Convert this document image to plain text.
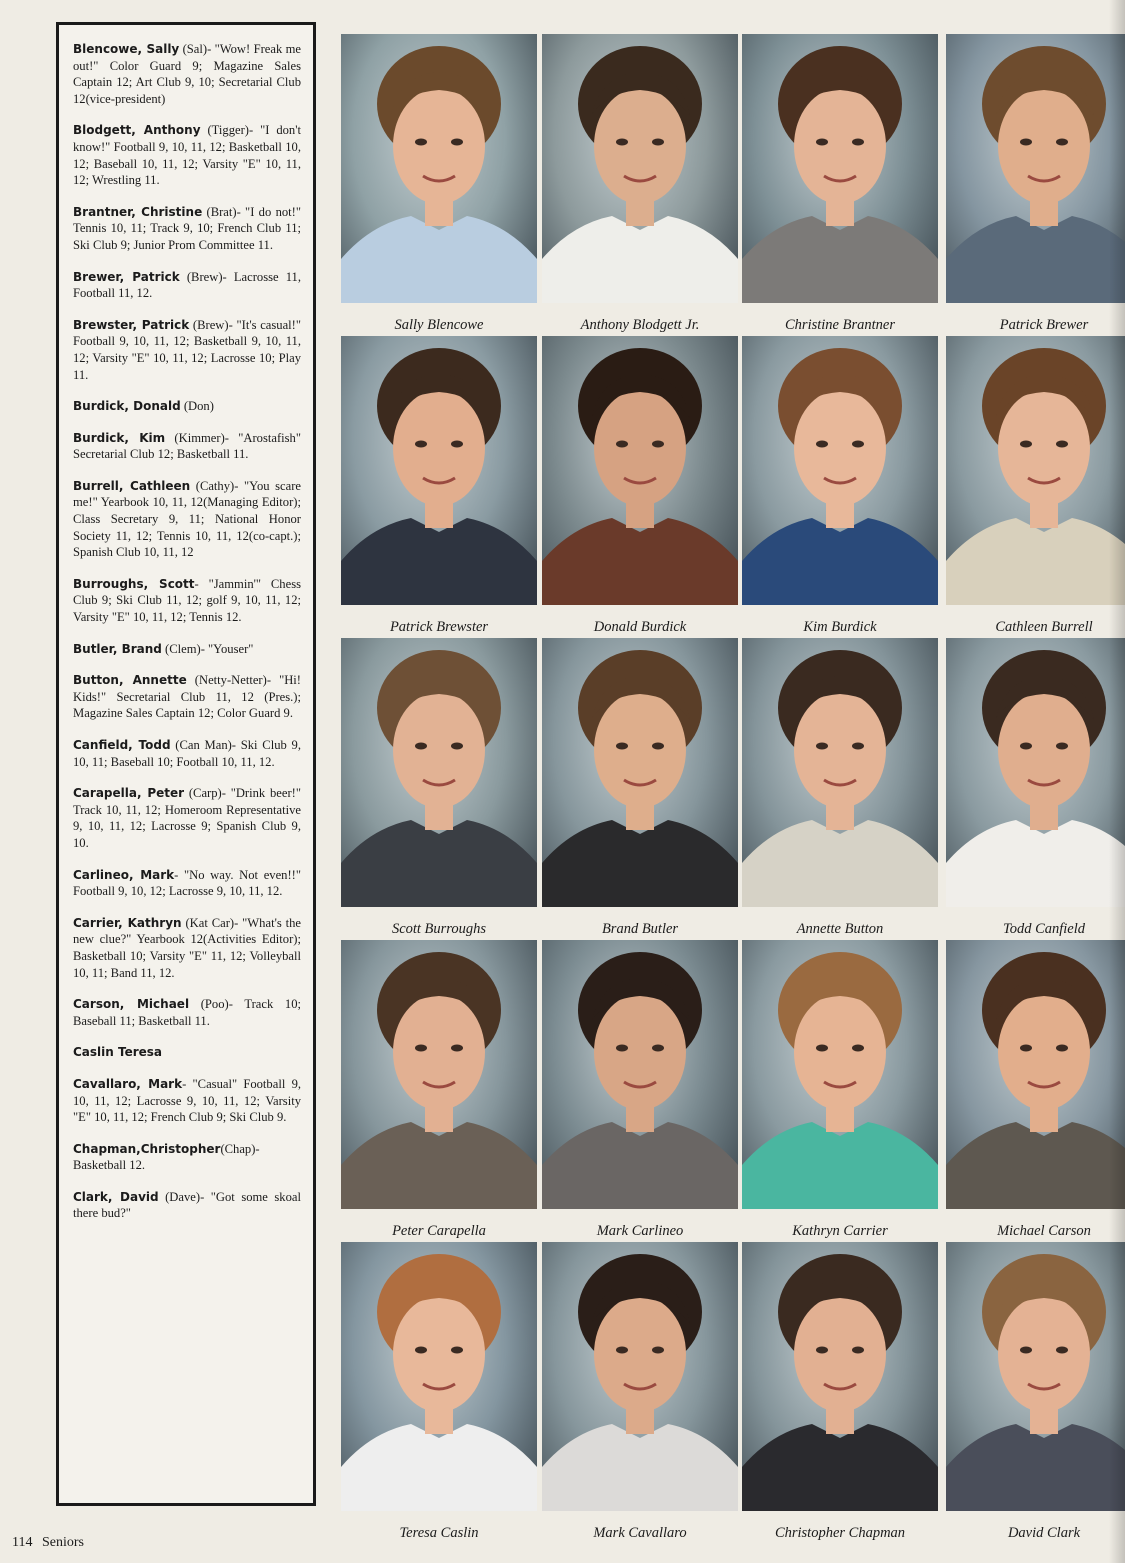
Blencowe, Sally (Sal)- "Wow! Freak me out!" Color Guard 9; Magazine Sales Captain 12; Art Club 9, 10; Secretarial Club 12(vice-president)

Blodgett, Anthony (Tigger)- "I don't know!" Football 9, 10, 11, 12; Basketball 10, 12; Baseball 10, 11, 12; Varsity "E" 10, 11, 12; Wrestling 11.

Brantner, Christine (Brat)- "I do not!" Tennis 10, 11; Track 9, 10; French Club 11; Ski Club 9; Junior Prom Committee 11.

Brewer, Patrick (Brew)- Lacrosse 11, Football 11, 12.

Brewster, Patrick (Brew)- "It's casual!" Football 9, 10, 11, 12; Basketball 9, 10, 11, 12; Varsity "E" 10, 11, 12; Lacrosse 10; Play 11.

Burdick, Donald (Don)

Burdick, Kim (Kimmer)- "Arostafish" Secretarial Club 12; Basketball 11.

Burrell, Cathleen (Cathy)- "You scare me!" Yearbook 10, 11, 12(Managing Editor); Class Secretary 9, 11; National Honor Society 11, 12; Tennis 10, 11, 12(co-capt.); Spanish Club 10, 11, 12

Burroughs, Scott- "Jammin'" Chess Club 9; Ski Club 11, 12; golf 9, 10, 11, 12; Varsity "E" 10, 11, 12; Tennis 12.

Butler, Brand (Clem)- "Youser"

Button, Annette (Netty-Netter)- "Hi! Kids!" Secretarial Club 11, 12 (Pres.); Magazine Sales Captain 12; Color Guard 9.

Canfield, Todd (Can Man)- Ski Club 9, 10, 11; Baseball 10; Football 10, 11, 12.

Carapella, Peter (Carp)- "Drink beer!" Track 10, 11, 12; Homeroom Representative 9, 10, 11, 12; Lacrosse 9; Spanish Club 9, 10.

Carlineo, Mark- "No way. Not even!!" Football 9, 10, 12; Lacrosse 9, 10, 11, 12.

Carrier, Kathryn (Kat Car)- "What's the new clue?" Yearbook 12(Activities Editor); Basketball 10; Varsity "E" 11, 12; Volleyball 10, 11; Band 11, 12.

Carson, Michael (Poo)- Track 10; Baseball 11; Basketball 11.

Caslin Teresa

Cavallaro, Mark- "Casual" Football 9, 10, 11, 12; Lacrosse 9, 10, 11, 12; Varsity "E" 10, 11, 12; French Club 9; Ski Club 9.

Chapman,Christopher(Chap)-Basketball 12.

Clark, David (Dave)- "Got some skoal there bud?"

Sally Blencowe	Anthony Blodgett Jr.	Christine Brantner	Patrick Brewer
Patrick Brewster	Donald Burdick	Kim Burdick	Cathleen Burrell
Scott Burroughs	Brand Butler	Annette Button	Todd Canfield
Peter Carapella	Mark Carlineo	Kathryn Carrier	Michael Carson
Teresa Caslin	Mark Cavallaro	Christopher Chapman	David Clark
114 Seniors
